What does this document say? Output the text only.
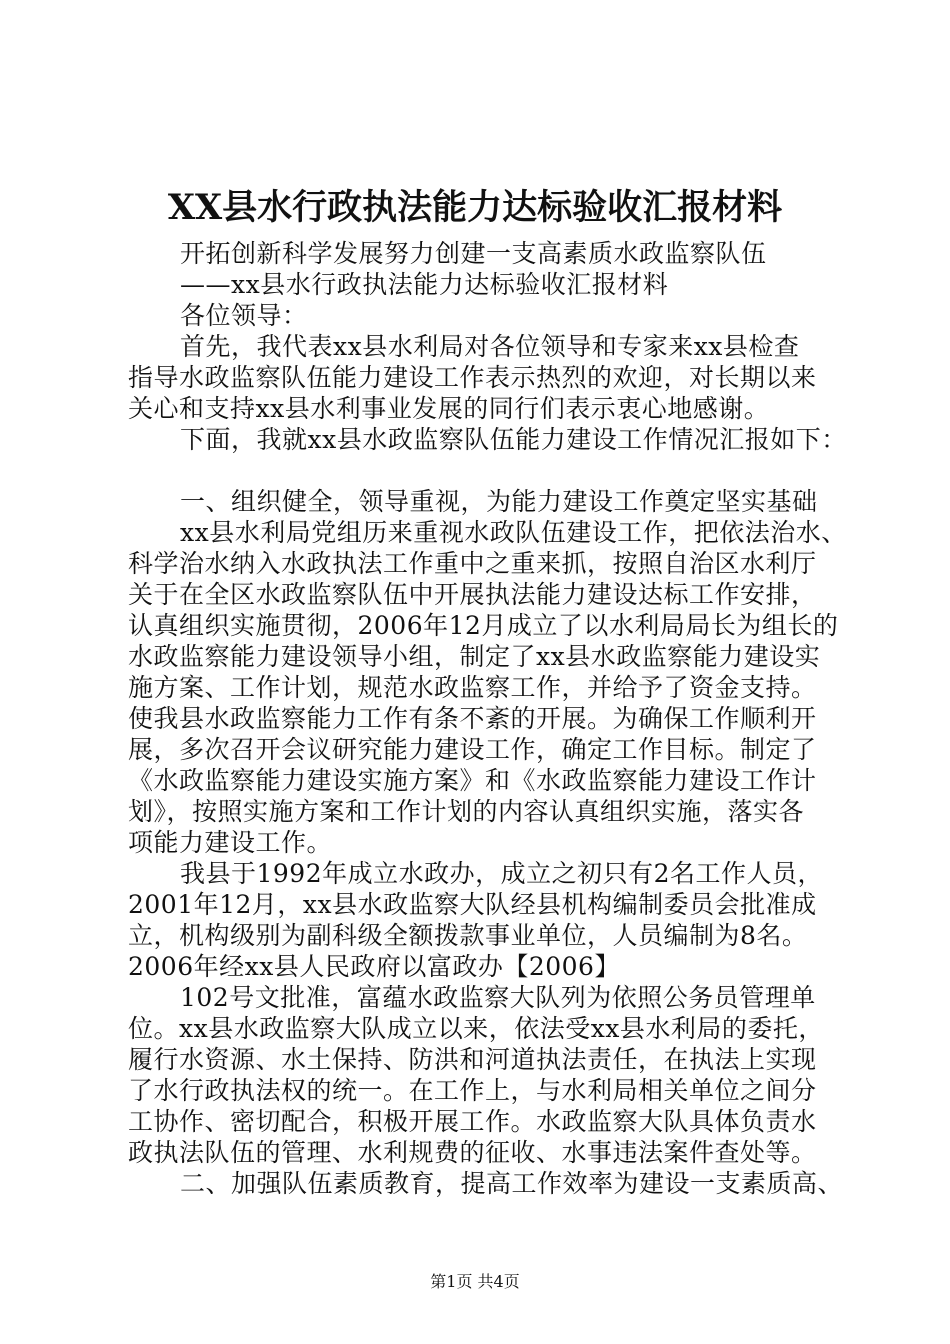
XX县水行政执法能力达标验收汇报材料
开拓创新科学发展努力创建一支高素质水政监察队伍
——xx县水行政执法能力达标验收汇报材料
各位领导：
首先，我代表xx县水利局对各位领导和专家来xx县检查
指导水政监察队伍能力建设工作表示热烈的欢迎，对长期以来
关心和支持xx县水利事业发展的同行们表示衷心地感谢。
下面，我就xx县水政监察队伍能力建设工作情况汇报如下：
一、组织健全，领导重视，为能力建设工作奠定坚实基础
xx县水利局党组历来重视水政队伍建设工作，把依法治水、
科学治水纳入水政执法工作重中之重来抓，按照自治区水利厅
关于在全区水政监察队伍中开展执法能力建设达标工作安排，
认真组织实施贯彻，2006年12月成立了以水利局局长为组长的
水政监察能力建设领导小组，制定了xx县水政监察能力建设实
施方案、工作计划，规范水政监察工作，并给予了资金支持。
使我县水政监察能力工作有条不紊的开展。为确保工作顺利开
展，多次召开会议研究能力建设工作，确定工作目标。制定了
《水政监察能力建设实施方案》和《水政监察能力建设工作计
划》，按照实施方案和工作计划的内容认真组织实施，落实各
项能力建设工作。
我县于1992年成立水政办，成立之初只有2名工作人员，
2001年12月，xx县水政监察大队经县机构编制委员会批准成
立，机构级别为副科级全额拨款事业单位，人员编制为8名。
2006年经xx县人民政府以富政办【2006】
102号文批准，富蕴水政监察大队列为依照公务员管理单
位。xx县水政监察大队成立以来，依法受xx县水利局的委托，
履行水资源、水土保持、防洪和河道执法责任，在执法上实现
了水行政执法权的统一。在工作上，与水利局相关单位之间分
工协作、密切配合，积极开展工作。水政监察大队具体负责水
政执法队伍的管理、水利规费的征收、水事违法案件查处等。
二、加强队伍素质教育，提高工作效率为建设一支素质高、
第1页 共4页
